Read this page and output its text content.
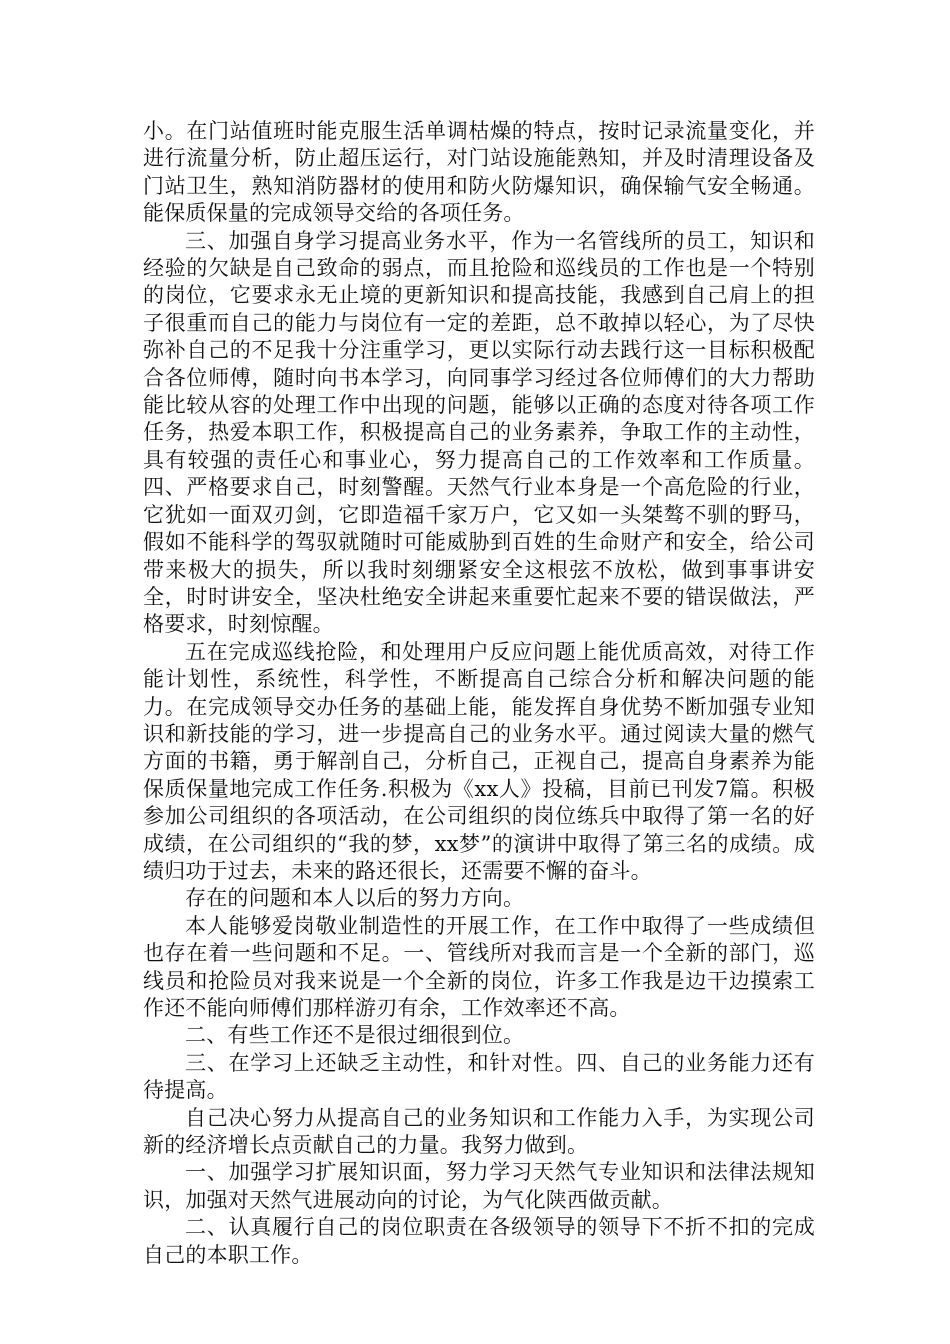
小。在门站值班时能克服生活单调枯燥的特点，按时记录流量变化，并进行流量分析，防止超压运行，对门站设施能熟知，并及时清理设备及门站卫生，熟知消防器材的使用和防火防爆知识，确保输气安全畅通。能保质保量的完成领导交给的各项任务。

三、加强自身学习提高业务水平，作为一名管线所的员工，知识和经验的欠缺是自己致命的弱点，而且抢险和巡线员的工作也是一个特别的岗位，它要求永无止境的更新知识和提高技能，我感到自己肩上的担子很重而自己的能力与岗位有一定的差距，总不敢掉以轻心，为了尽快弥补自己的不足我十分注重学习，更以实际行动去践行这一目标积极配合各位师傅，随时向书本学习，向同事学习经过各位师傅们的大力帮助能比较从容的处理工作中出现的问题，能够以正确的态度对待各项工作任务，热爱本职工作，积极提高自己的业务素养，争取工作的主动性，具有较强的责任心和事业心，努力提高自己的工作效率和工作质量。 四、严格要求自己，时刻警醒。天然气行业本身是一个高危险的行业，它犹如一面双刃剑，它即造福千家万户，它又如一头桀骜不驯的野马，假如不能科学的驾驭就随时可能威胁到百姓的生命财产和安全，给公司带来极大的损失，所以我时刻绷紧安全这根弦不放松，做到事事讲安全，时时讲安全，坚决杜绝安全讲起来重要忙起来不要的错误做法，严格要求，时刻惊醒。

五在完成巡线抢险，和处理用户反应问题上能优质高效，对待工作能计划性，系统性，科学性，不断提高自己综合分析和解决问题的能力。在完成领导交办任务的基础上能，能发挥自身优势不断加强专业知识和新技能的学习，进一步提高自己的业务水平。通过阅读大量的燃气方面的书籍，勇于解剖自己，分析自己，正视自己，提高自身素养为能保质保量地完成工作任务.积极为《xx人》投稿，目前已刊发7篇。积极参加公司组织的各项活动，在公司组织的岗位练兵中取得了第一名的好成绩，在公司组织的“我的梦，xx梦”的演讲中取得了第三名的成绩。成绩归功于过去，未来的路还很长，还需要不懈的奋斗。

存在的问题和本人以后的努力方向。

本人能够爱岗敬业制造性的开展工作，在工作中取得了一些成绩但也存在着一些问题和不足。一、管线所对我而言是一个全新的部门，巡线员和抢险员对我来说是一个全新的岗位，许多工作我是边干边摸索工作还不能向师傅们那样游刃有余，工作效率还不高。

二、有些工作还不是很过细很到位。

三、在学习上还缺乏主动性，和针对性。四、自己的业务能力还有待提高。

自己决心努力从提高自己的业务知识和工作能力入手，为实现公司新的经济增长点贡献自己的力量。我努力做到。

一、加强学习扩展知识面，努力学习天然气专业知识和法律法规知识，加强对天然气进展动向的讨论，为气化陕西做贡献。

二、认真履行自己的岗位职责在各级领导的领导下不折不扣的完成自己的本职工作。
